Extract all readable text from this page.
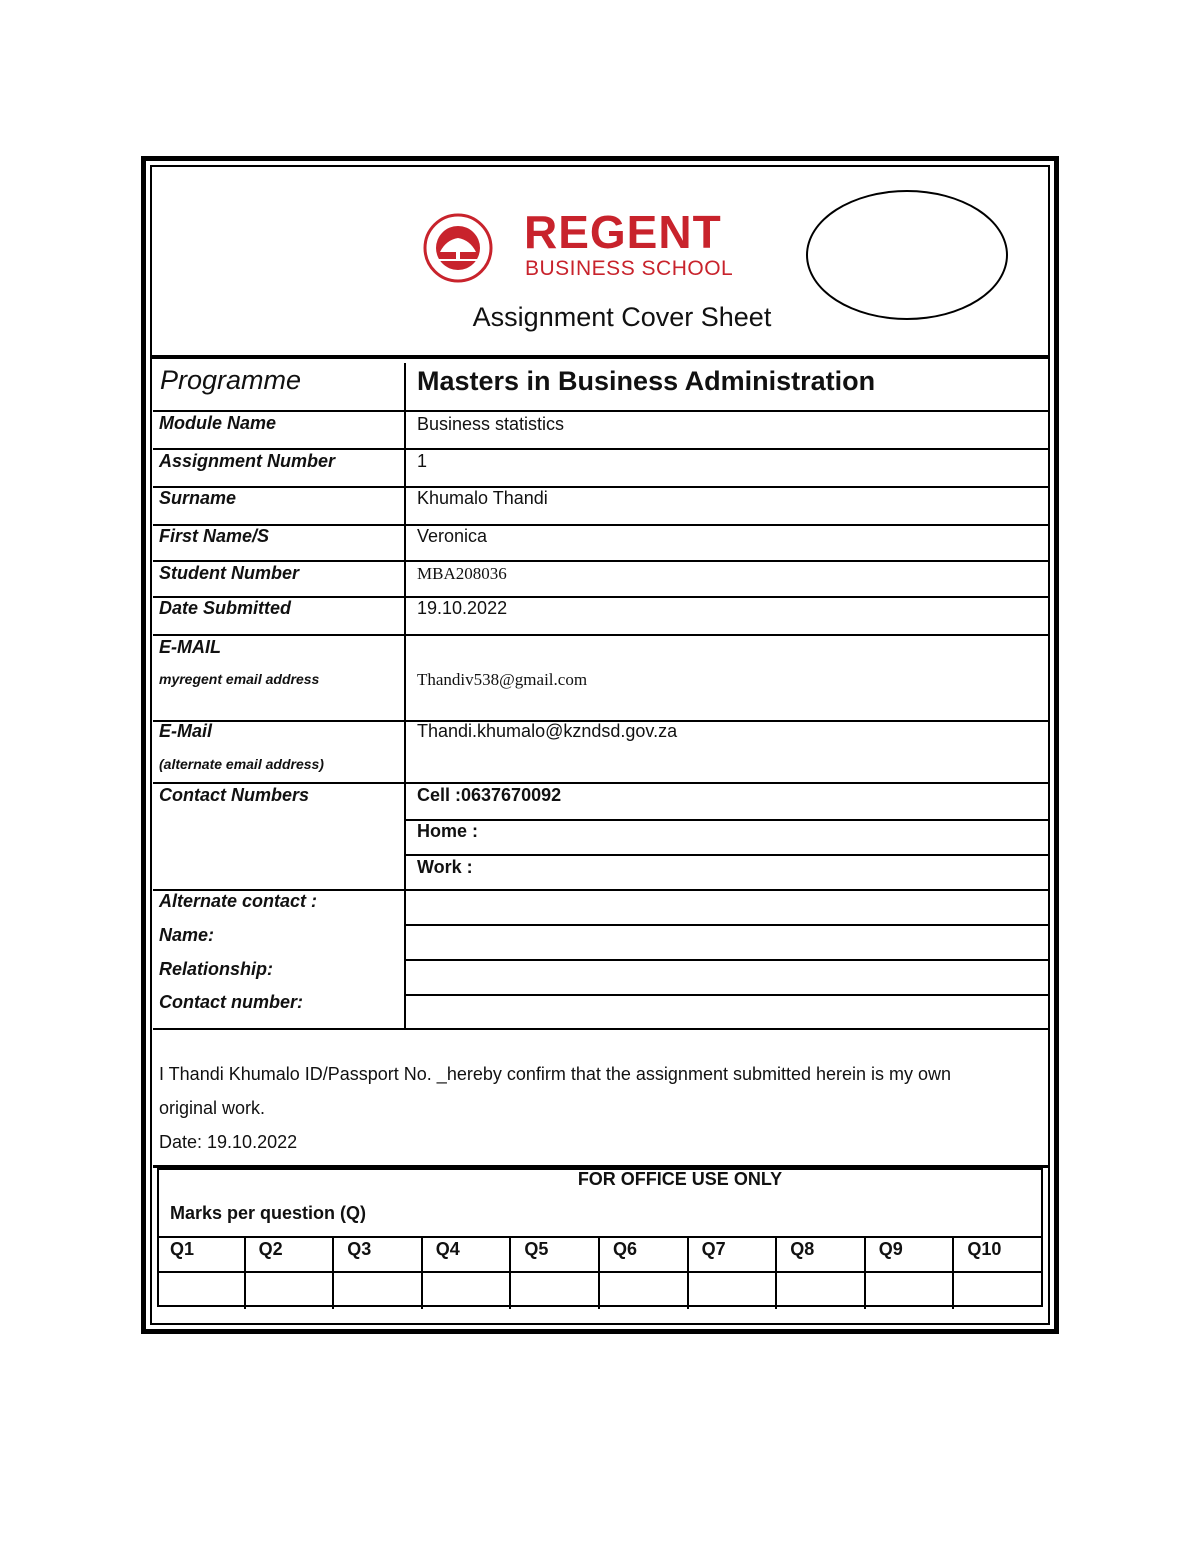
REGENT
BUSINESS SCHOOL
Assignment Cover Sheet
Programme	Masters in Business Administration
Module Name	Business statistics
Assignment Number	1
Surname	Khumalo Thandi
First Name/S	Veronica
Student Number	MBA208036
Date Submitted	19.10.2022
E-MAIL
myregent email address	Thandiv538@gmail.com
E-Mail
(alternate email address)
Thandi.khumalo@kzndsd.gov.za
Contact Numbers	Cell :0637670092
Home :
Work :
Alternate contact :
Name:
Relationship:
Contact number:
I Thandi Khumalo ID/Passport No. _hereby confirm that the assignment submitted herein is my own
original work.
Date: 19.10.2022
FOR OFFICE USE ONLY
Marks per question (Q)
Q1	Q2	Q3	Q4	Q5	Q6	Q7	Q8	Q9	Q10
